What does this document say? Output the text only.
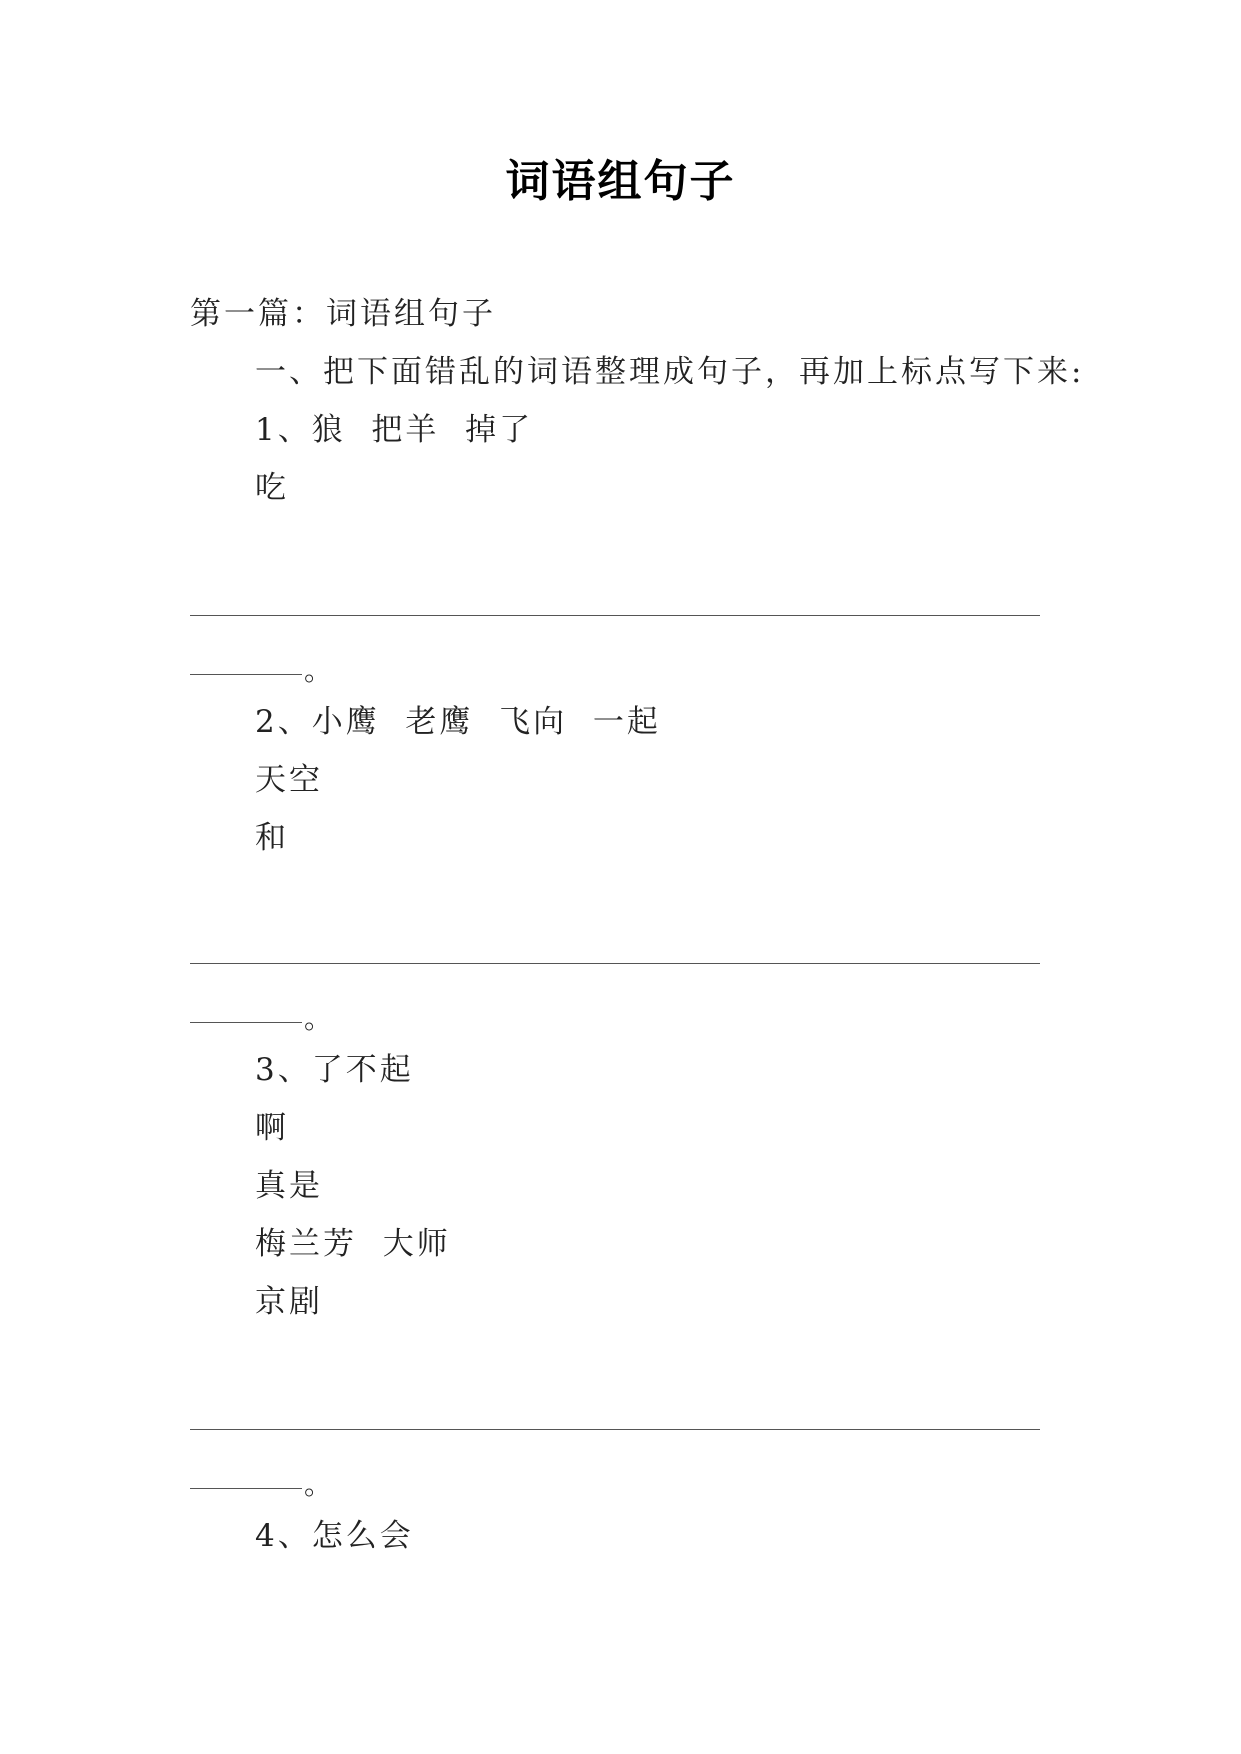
词语组句子
第一篇：词语组句子
一、把下面错乱的词语整理成句子，再加上标点写下来:
1、狼  把羊  掉了
吃
。
2、小鹰  老鹰  飞向  一起
天空
和
。
3、了不起
啊
真是
梅兰芳  大师
京剧
。
4、怎么会
